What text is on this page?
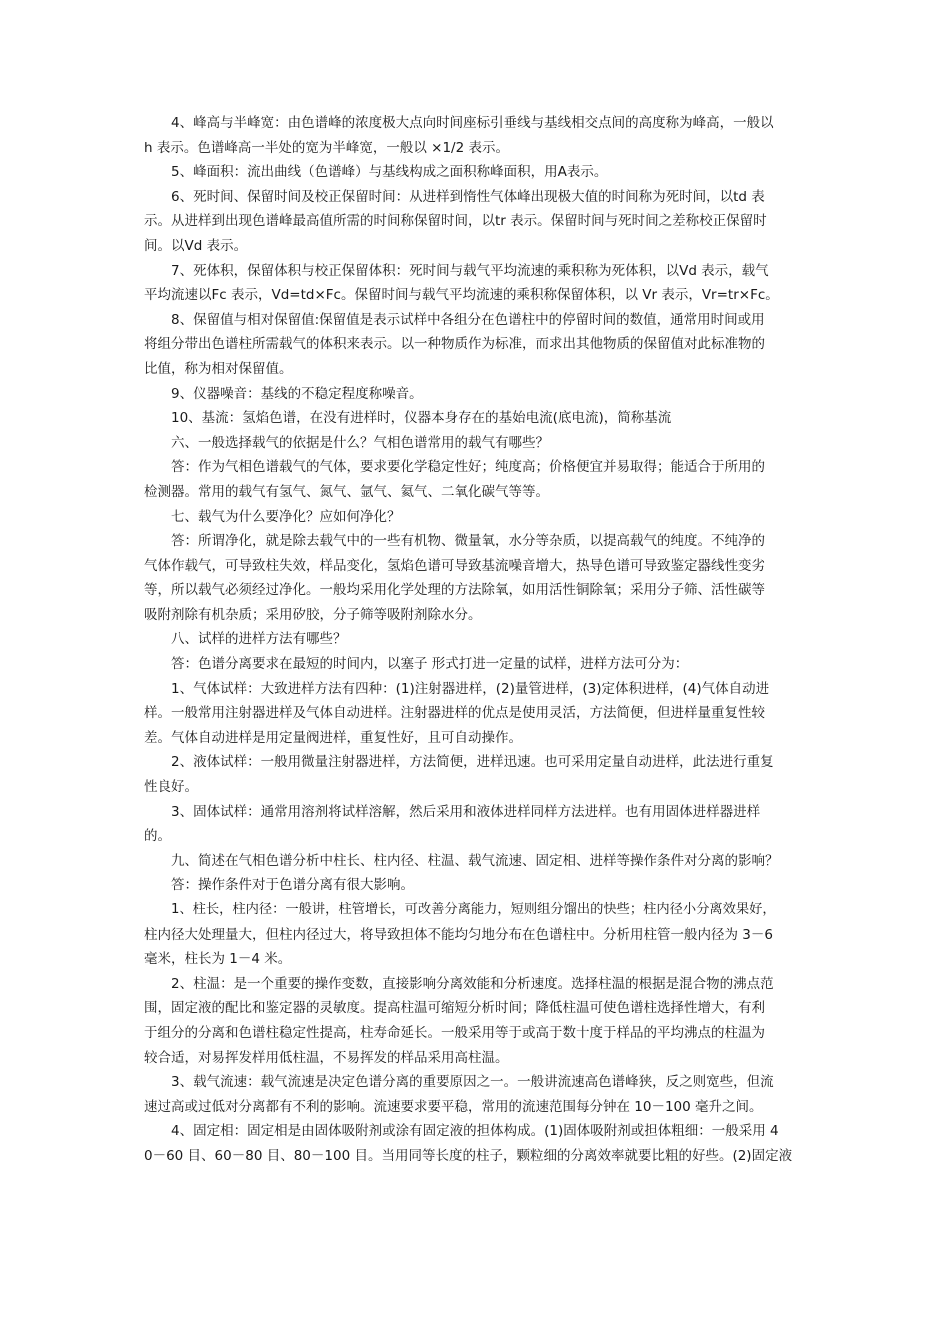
4、峰高与半峰宽：由色谱峰的浓度极大点向时间座标引垂线与基线相交点间的高度称为峰高，一般以
h 表示。色谱峰高一半处的宽为半峰宽，一般以 ×1/2 表示。

5、峰面积：流出曲线（色谱峰）与基线构成之面积称峰面积，用A表示。

6、死时间、保留时间及校正保留时间：从进样到惰性气体峰出现极大值的时间称为死时间，以td 表
示。从进样到出现色谱峰最高值所需的时间称保留时间，以tr 表示。保留时间与死时间之差称校正保留时
间。以Vd 表示。

7、死体积，保留体积与校正保留体积：死时间与载气平均流速的乘积称为死体积，以Vd 表示，载气
平均流速以Fc 表示，Vd=td×Fc。保留时间与载气平均流速的乘积称保留体积，以 Vr 表示，Vr=tr×Fc。

8、保留值与相对保留值:保留值是表示试样中各组分在色谱柱中的停留时间的数值，通常用时间或用
将组分带出色谱柱所需载气的体积来表示。以一种物质作为标准，而求出其他物质的保留值对此标准物的
比值，称为相对保留值。

9、仪器噪音：基线的不稳定程度称噪音。

10、基流：氢焰色谱，在没有进样时，仪器本身存在的基始电流(底电流)，简称基流

六、一般选择载气的依据是什么？气相色谱常用的载气有哪些？

答：作为气相色谱载气的气体，要求要化学稳定性好；纯度高；价格便宜并易取得；能适合于所用的
检测器。常用的载气有氢气、氮气、氩气、氦气、二氧化碳气等等。

七、载气为什么要净化？应如何净化？

答：所谓净化，就是除去载气中的一些有机物、微量氧，水分等杂质，以提高载气的纯度。不纯净的
气体作载气，可导致柱失效，样品变化，氢焰色谱可导致基流噪音增大，热导色谱可导致鉴定器线性变劣
等，所以载气必须经过净化。一般均采用化学处理的方法除氧，如用活性铜除氧；采用分子筛、活性碳等
吸附剂除有机杂质；采用矽胶，分子筛等吸附剂除水分。

八、试样的进样方法有哪些？

答：色谱分离要求在最短的时间内，以塞子 形式打进一定量的试样，进样方法可分为：

1、气体试样：大致进样方法有四种：(1)注射器进样，(2)量管进样，(3)定体积进样，(4)气体自动进
样。一般常用注射器进样及气体自动进样。注射器进样的优点是使用灵活，方法简便，但进样量重复性较
差。气体自动进样是用定量阀进样，重复性好，且可自动操作。

2、液体试样：一般用微量注射器进样，方法简便，进样迅速。也可采用定量自动进样，此法进行重复
性良好。

3、固体试样：通常用溶剂将试样溶解，然后采用和液体进样同样方法进样。也有用固体进样器进样
的。

九、简述在气相色谱分析中柱长、柱内径、柱温、载气流速、固定相、进样等操作条件对分离的影响？

答：操作条件对于色谱分离有很大影响。

1、柱长，柱内径：一般讲，柱管增长，可改善分离能力，短则组分馏出的快些；柱内径小分离效果好，
柱内径大处理量大，但柱内径过大，将导致担体不能均匀地分布在色谱柱中。分析用柱管一般内径为 3－6
毫米，柱长为 1－4 米。

2、柱温：是一个重要的操作变数，直接影响分离效能和分析速度。选择柱温的根据是混合物的沸点范
围，固定液的配比和鉴定器的灵敏度。提高柱温可缩短分析时间；降低柱温可使色谱柱选择性增大，有利
于组分的分离和色谱柱稳定性提高，柱寿命延长。一般采用等于或高于数十度于样品的平均沸点的柱温为
较合适，对易挥发样用低柱温，不易挥发的样品采用高柱温。

3、载气流速：载气流速是决定色谱分离的重要原因之一。一般讲流速高色谱峰狭，反之则宽些，但流
速过高或过低对分离都有不利的影响。流速要求要平稳，常用的流速范围每分钟在 10－100 毫升之间。

4、固定相：固定相是由固体吸附剂或涂有固定液的担体构成。(1)固体吸附剂或担体粗细：一般采用 4
0－60 目、60－80 目、80－100 目。当用同等长度的柱子，颗粒细的分离效率就要比粗的好些。(2)固定液
